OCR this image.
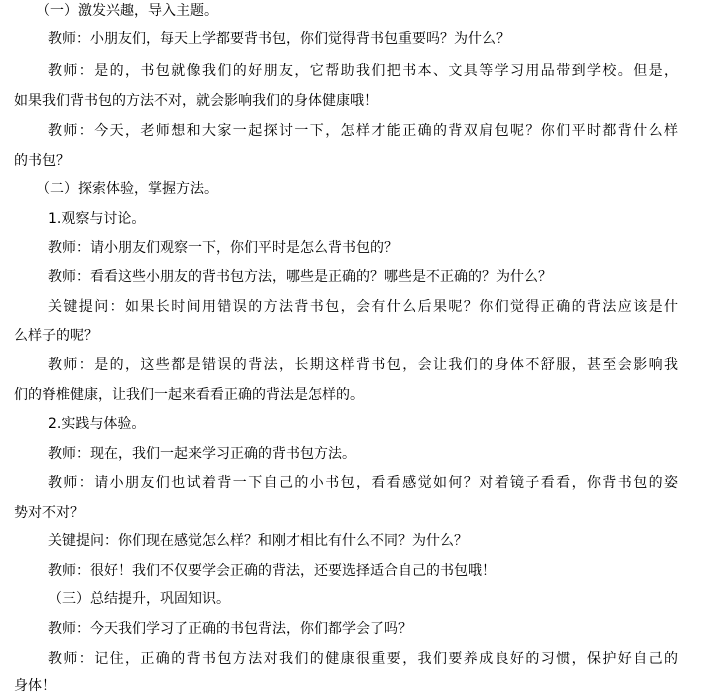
（一）激发兴趣，导入主题。
教师：小朋友们，每天上学都要背书包，你们觉得背书包重要吗？为什么？
教师：是的，书包就像我们的好朋友，它帮助我们把书本、文具等学习用品带到学校。但是，
如果我们背书包的方法不对，就会影响我们的身体健康哦！
教师：今天，老师想和大家一起探讨一下，怎样才能正确的背双肩包呢？你们平时都背什么样
的书包？
（二）探索体验，掌握方法。
1.观察与讨论。
教师：请小朋友们观察一下，你们平时是怎么背书包的？
教师：看看这些小朋友的背书包方法，哪些是正确的？哪些是不正确的？为什么？
关键提问：如果长时间用错误的方法背书包，会有什么后果呢？你们觉得正确的背法应该是什
么样子的呢？
教师：是的，这些都是错误的背法，长期这样背书包，会让我们的身体不舒服，甚至会影响我
们的脊椎健康，让我们一起来看看正确的背法是怎样的。
2.实践与体验。
教师：现在，我们一起来学习正确的背书包方法。
教师：请小朋友们也试着背一下自己的小书包，看看感觉如何？对着镜子看看，你背书包的姿
势对不对？
关键提问：你们现在感觉怎么样？和刚才相比有什么不同？为什么？
教师：很好！我们不仅要学会正确的背法，还要选择适合自己的书包哦！
（三）总结提升，巩固知识。
教师：今天我们学习了正确的书包背法，你们都学会了吗？
教师：记住，正确的背书包方法对我们的健康很重要，我们要养成良好的习惯，保护好自己的
身体！
